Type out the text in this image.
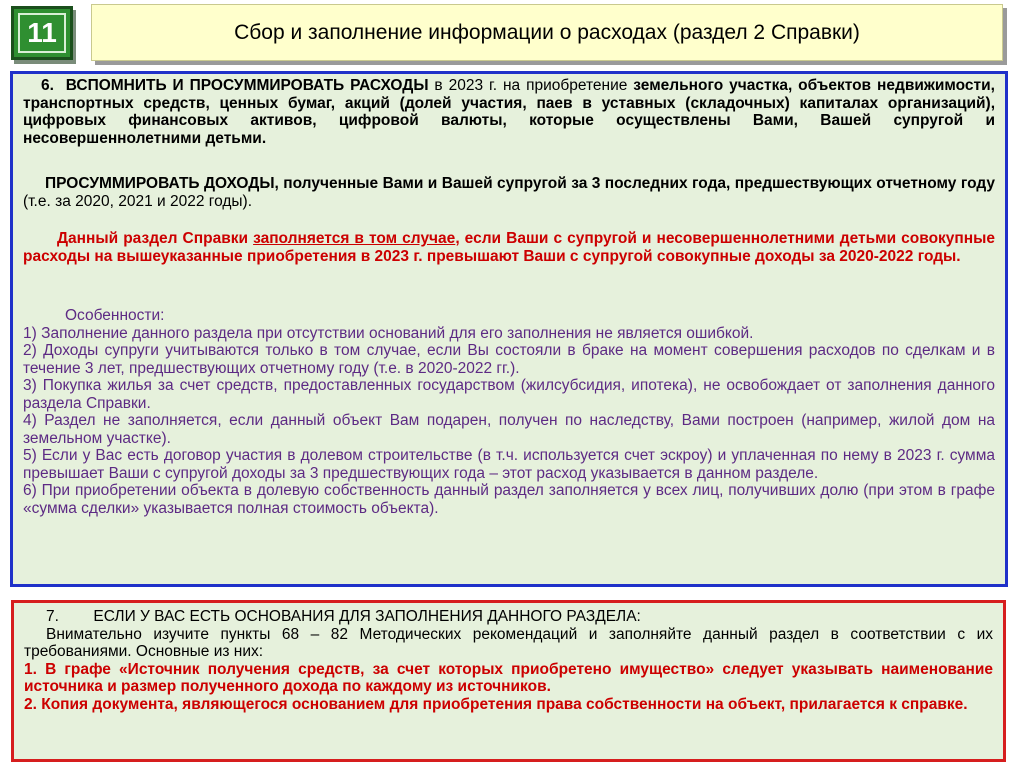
11	Сбор и заполнение информации о расходах (раздел 2 Справки)

6. ВСПОМНИТЬ И ПРОСУММИРОВАТЬ РАСХОДЫ в 2023 г. на приобретение земельного участка, объектов недвижимости, транспортных средств, ценных бумаг, акций (долей участия, паев в уставных (складочных) капиталах организаций), цифровых финансовых активов, цифровой валюты, которые осуществлены Вами, Вашей супругой и несовершеннолетними детьми.

ПРОСУММИРОВАТЬ ДОХОДЫ, полученные Вами и Вашей супругой за 3 последних года, предшествующих отчетному году (т.е. за 2020, 2021 и 2022 годы).

Данный раздел Справки заполняется в том случае, если Ваши с супругой и несовершеннолетними детьми совокупные расходы на вышеуказанные приобретения в 2023 г. превышают Ваши с супругой совокупные доходы за 2020-2022 годы.

Особенности:

1) Заполнение данного раздела при отсутствии оснований для его заполнения не является ошибкой.

2) Доходы супруги учитываются только в том случае, если Вы состояли в браке на момент совершения расходов по сделкам и в течение 3 лет, предшествующих отчетному году (т.е. в 2020-2022 гг.).

3) Покупка жилья за счет средств, предоставленных государством (жилсубсидия, ипотека), не освобождает от заполнения данного раздела Справки.

4) Раздел не заполняется, если данный объект Вам подарен, получен по наследству, Вами построен (например, жилой дом на земельном участке).

5) Если у Вас есть договор участия в долевом строительстве (в т.ч. используется счет эскроу) и уплаченная по нему в 2023 г. сумма превышает Ваши с супругой доходы за 3 предшествующих года – этот расход указывается в данном разделе.

6) При приобретении объекта в долевую собственность данный раздел заполняется у всех лиц, получивших долю (при этом в графе «сумма сделки» указывается полная стоимость объекта).

7.        ЕСЛИ У ВАС ЕСТЬ ОСНОВАНИЯ ДЛЯ ЗАПОЛНЕНИЯ ДАННОГО РАЗДЕЛА:

Внимательно изучите пункты 68 – 82 Методических рекомендаций и заполняйте данный раздел в соответствии с их требованиями. Основные из них:

1. В графе «Источник получения средств, за счет которых приобретено имущество» следует указывать наименование источника и размер полученного дохода по каждому из источников.

2. Копия документа, являющегося основанием для приобретения права собственности на объект, прилагается к справке.
